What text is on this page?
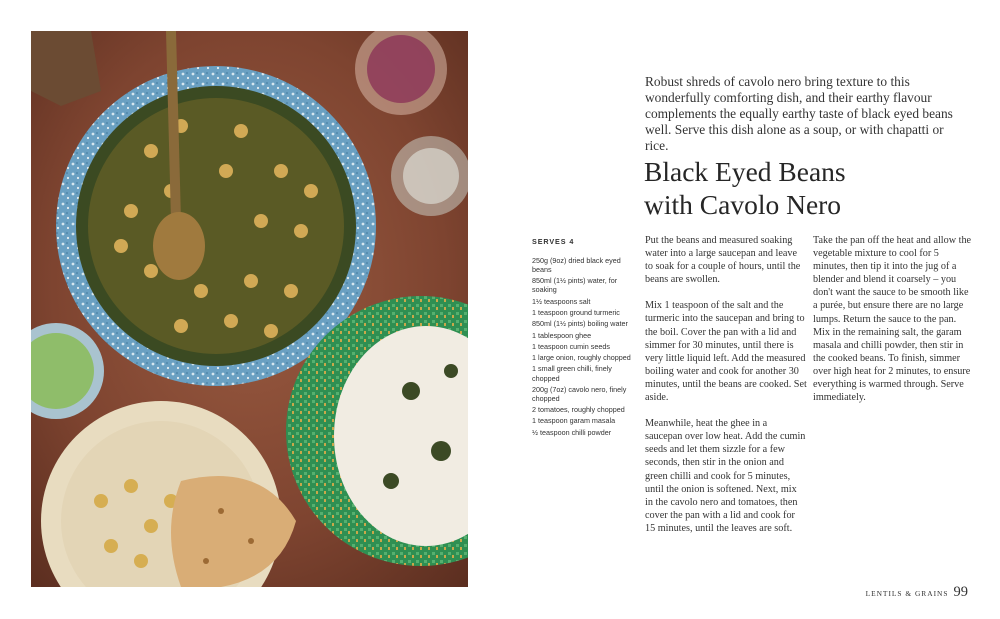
Robust shreds of cavolo nero bring texture to this wonderfully comforting dish, and their earthy flavour complements the equally earthy taste of black eyed beans well. Serve this dish alone as a soup, or with chapatti or rice.
Black Eyed Beans
with Cavolo Nero
SERVES 4
250g (9oz) dried black eyed beans
850ml (1½ pints) water, for soaking
1½ teaspoons salt
1 teaspoon ground turmeric
850ml (1½ pints) boiling water
1 tablespoon ghee
1 teaspoon cumin seeds
1 large onion, roughly chopped
1 small green chilli, finely chopped
200g (7oz) cavolo nero, finely chopped
2 tomatoes, roughly chopped
1 teaspoon garam masala
½ teaspoon chilli powder

Put the beans and measured soaking water into a large saucepan and leave to soak for a couple of hours, until the beans are swollen.

Mix 1 teaspoon of the salt and the turmeric into the saucepan and bring to the boil. Cover the pan with a lid and simmer for 30 minutes, until there is very little liquid left. Add the measured boiling water and cook for another 30 minutes, until the beans are cooked. Set aside.

Meanwhile, heat the ghee in a saucepan over low heat. Add the cumin seeds and let them sizzle for a few seconds, then stir in the onion and green chilli and cook for 5 minutes, until the onion is softened. Next, mix in the cavolo nero and tomatoes, then cover the pan with a lid and cook for 15 minutes, until the leaves are soft.

Take the pan off the heat and allow the vegetable mixture to cool for 5 minutes, then tip it into the jug of a blender and blend it coarsely – you don't want the sauce to be smooth like a purée, but ensure there are no large lumps. Return the sauce to the pan. Mix in the remaining salt, the garam masala and chilli powder, then stir in the cooked beans. To finish, simmer over high heat for 2 minutes, to ensure everything is warmed through. Serve immediately.

LENTILS & GRAINS 99
